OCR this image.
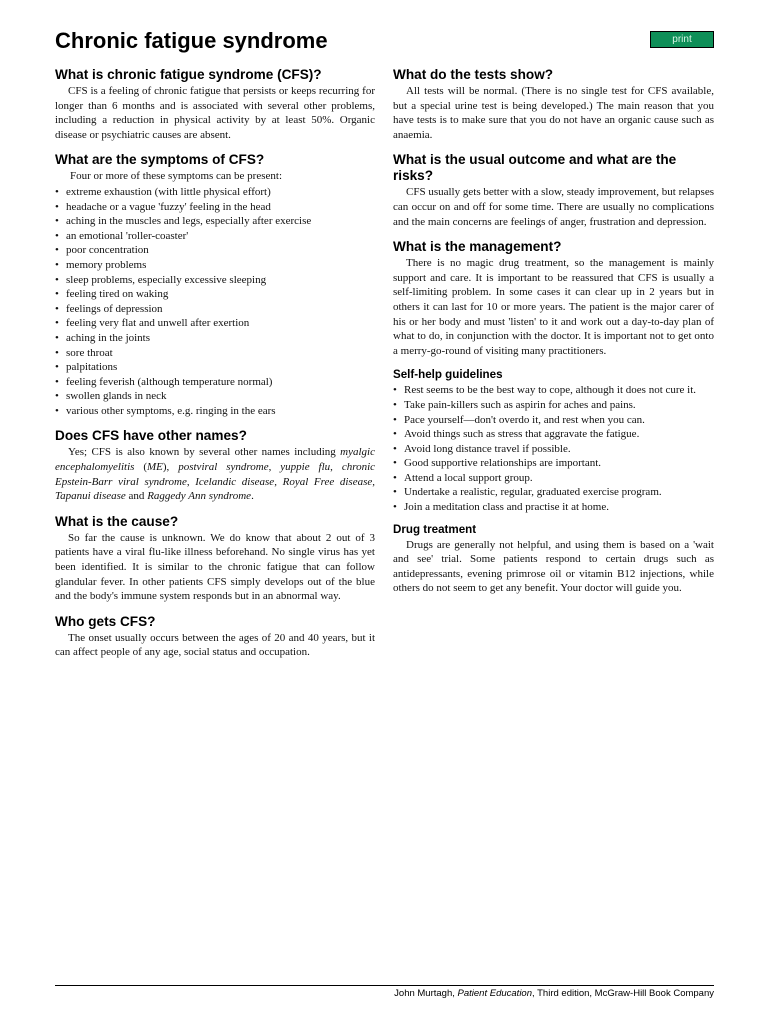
Chronic fatigue syndrome	print
What is chronic fatigue syndrome (CFS)?

CFS is a feeling of chronic fatigue that persists or keeps recurring for longer than 6 months and is associated with several other problems, including a reduction in physical activity by at least 50%. Organic disease or psychiatric causes are absent.

What are the symptoms of CFS?

Four or more of these symptoms can be present:

• extreme exhaustion (with little physical effort)
• headache or a vague 'fuzzy' feeling in the head
• aching in the muscles and legs, especially after exercise
• an emotional 'roller-coaster'
• poor concentration
• memory problems
• sleep problems, especially excessive sleeping
• feeling tired on waking
• feelings of depression
• feeling very flat and unwell after exertion
• aching in the joints
• sore throat
• palpitations
• feeling feverish (although temperature normal)
• swollen glands in neck
• various other symptoms, e.g. ringing in the ears
Does CFS have other names?

Yes; CFS is also known by several other names including myalgic encephalomyelitis (ME), postviral syndrome, yuppie flu, chronic Epstein-Barr viral syndrome, Icelandic disease, Royal Free disease, Tapanui disease and Raggedy Ann syndrome.

What is the cause?

So far the cause is unknown. We do know that about 2 out of 3 patients have a viral flu-like illness beforehand. No single virus has yet been identified. It is similar to the chronic fatigue that can follow glandular fever. In other patients CFS simply develops out of the blue and the body's immune system responds but in an abnormal way.

Who gets CFS?

The onset usually occurs between the ages of 20 and 40 years, but it can affect people of any age, social status and occupation.

What do the tests show?

All tests will be normal. (There is no single test for CFS available, but a special urine test is being developed.) The main reason that you have tests is to make sure that you do not have an organic cause such as anaemia.

What is the usual outcome and what are the risks?

CFS usually gets better with a slow, steady improvement, but relapses can occur on and off for some time. There are usually no complications and the main concerns are feelings of anger, frustration and depression.

What is the management?

There is no magic drug treatment, so the management is mainly support and care. It is important to be reassured that CFS is usually a self-limiting problem. In some cases it can clear up in 2 years but in others it can last for 10 or more years. The patient is the major carer of his or her body and must 'listen' to it and work out a day-to-day plan of what to do, in conjunction with the doctor. It is important not to get onto a merry-go-round of visiting many practitioners.

Self-help guidelines
• Rest seems to be the best way to cope, although it does not cure it.
• Take pain-killers such as aspirin for aches and pains.
• Pace yourself—don't overdo it, and rest when you can.
• Avoid things such as stress that aggravate the fatigue.
• Avoid long distance travel if possible.
• Good supportive relationships are important.
• Attend a local support group.
• Undertake a realistic, regular, graduated exercise program.
• Join a meditation class and practise it at home.
Drug treatment

Drugs are generally not helpful, and using them is based on a 'wait and see' trial. Some patients respond to certain drugs such as antidepressants, evening primrose oil or vitamin B12 injections, while others do not seem to get any benefit. Your doctor will guide you.

John Murtagh, Patient Education, Third edition, McGraw-Hill Book Company
